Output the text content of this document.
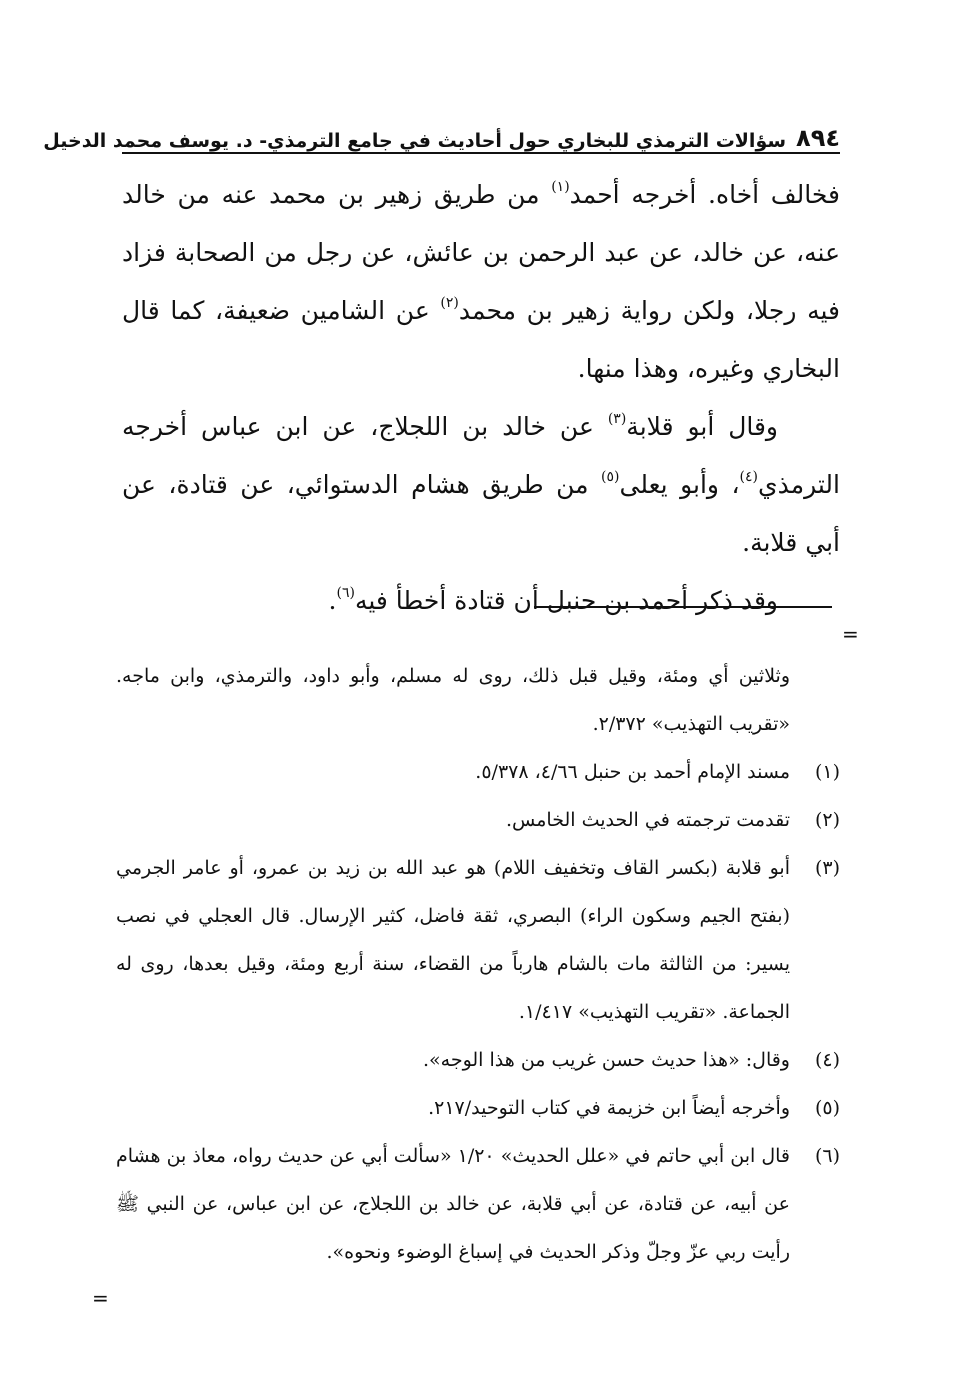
٨٩٤
سؤالات الترمذي للبخاري حول أحاديث في جامع الترمذي- د. يوسف محمد الدخيل

فخالف أخاه. أخرجه أحمد$^{(١)}$ من طريق زهير بن محمد عنه من خالد عنه، عن خالد، عن عبد الرحمن بن عائش، عن رجل من الصحابة فزاد فيه رجلا، ولكن رواية زهير بن محمد$^{(٢)}$ عن الشامين ضعيفة، كما قال البخاري وغيره، وهذا منها.

وقال أبو قلابة$^{(٣)}$ عن خالد بن اللجلاج، عن ابن عباس أخرجه الترمذي$^{(٤)}$، وأبو يعلى$^{(٥)}$ من طريق هشام الدستوائي، عن قتادة، عن أبي قلابة.

وقد ذكر أحمد بن حنبل أن قتادة أخطأ فيه$^{(٦)}$.

=
وثلاثين أي ومئة، وقيل قبل ذلك، روى له مسلم، وأبو داود، والترمذي، وابن ماجه. «تقريب التهذيب» ٢/٣٧٢.
(١)
مسند الإمام أحمد بن حنبل ٤/٦٦، ٥/٣٧٨.
(٢)
تقدمت ترجمته في الحديث الخامس.
(٣)
أبو قلابة (بكسر القاف وتخفيف اللام) هو عبد الله بن زيد بن عمرو، أو عامر الجرمي (بفتح الجيم وسكون الراء) البصري، ثقة فاضل، كثير الإرسال. قال العجلي في نصب يسير: من الثالثة مات بالشام هارباً من القضاء، سنة أربع ومئة، وقيل بعدها، روى له الجماعة. «تقريب التهذيب» ١/٤١٧.
(٤)
وقال: «هذا حديث حسن غريب من هذا الوجه».
(٥)
وأخرجه أيضاً ابن خزيمة في كتاب التوحيد/٢١٧.
(٦)
قال ابن أبي حاتم في «علل الحديث» ١/٢٠ «سألت أبي عن حديث رواه، معاذ بن هشام عن أبيه، عن قتادة، عن أبي قلابة، عن خالد بن اللجلاج، عن ابن عباس، عن النبي ﷺ رأيت ربي عزّ وجلّ وذكر الحديث في إسباغ الوضوء ونحوه».
=
